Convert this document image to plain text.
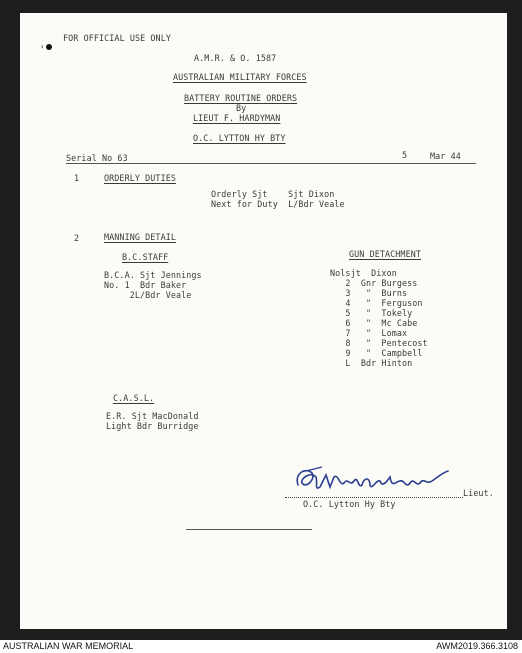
‹
FOR OFFICIAL USE ONLY
A.M.R. & O. 1587
AUSTRALIAN MILITARY FORCES
BATTERY ROUTINE ORDERS
By
LIEUT F. HARDYMAN
O.C. LYTTON HY BTY
Serial No 63	5	Mar 44
1	ORDERLY DUTIES
Orderly Sjt    Sjt Dixon
Next for Duty  L/Bdr Veale
2	MANNING DETAIL
B.C.STAFF
B.C.A. Sjt Jennings
No. 1  Bdr Baker
2L/Bdr Veale
GUN DETACHMENT
Nolsjt  Dixon
2  Gnr Burgess
3   "  Burns
4   "  Ferguson
5   "  Tokely
6   "  Mc Cabe
7   "  Lomax
8   "  Pentecost
9   "  Campbell
L  Bdr Hinton
C.A.S.L.
E.R. Sjt MacDonald
Light Bdr Burridge
Lieut.
O.C. Lytton Hy Bty
AUSTRALIAN WAR MEMORIAL	AWM2019.366.3108
